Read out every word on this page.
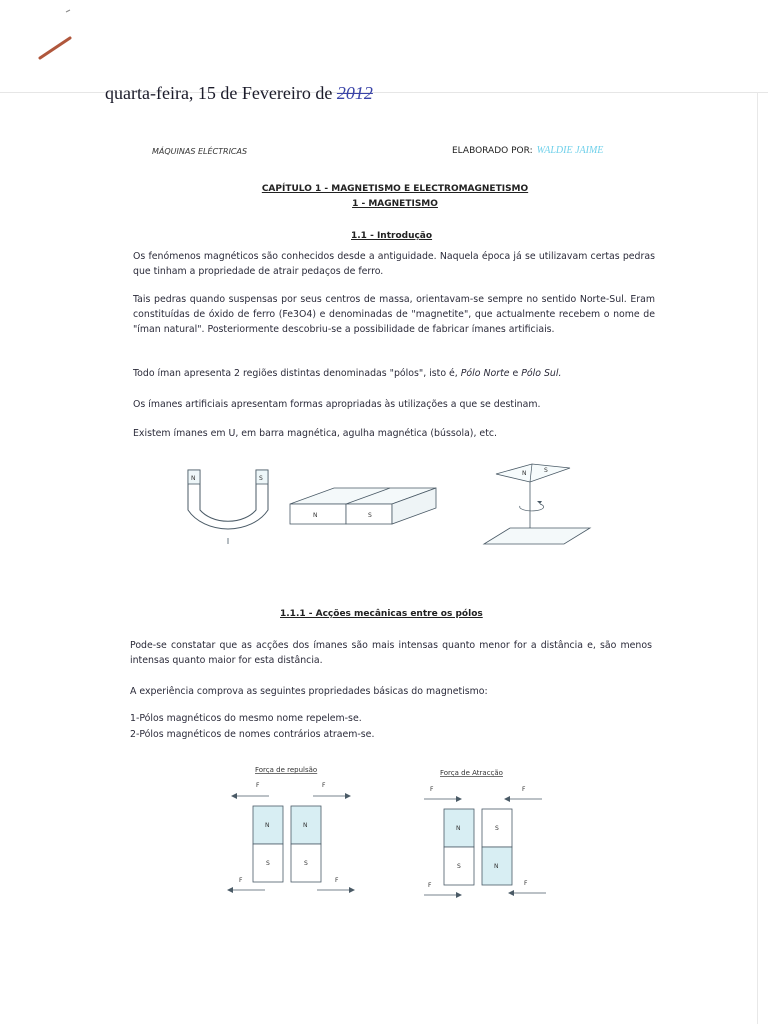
quarta-feira, 15 de Fevereiro de 2012
MÁQUINAS ELÉCTRICAS	ELABORADO POR: WALDIE JAIME
CAPÍTULO 1 - MAGNETISMO E ELECTROMAGNETISMO
1 - MAGNETISMO
1.1 - Introdução
Os fenómenos magnéticos são conhecidos desde a antiguidade. Naquela época já se utilizavam certas pedras que tinham a propriedade de atrair pedaços de ferro.
Tais pedras quando suspensas por seus centros de massa, orientavam-se sempre no sentido Norte-Sul. Eram constituídas de óxido de ferro (Fe3O4) e denominadas de "magnetite", que actualmente recebem o nome de "íman natural". Posteriormente descobriu-se a possibilidade de fabricar ímanes artificiais.
Todo íman apresenta 2 regiões distintas denominadas "pólos", isto é, Pólo Norte e Pólo Sul.
Os ímanes artificiais apresentam formas apropriadas às utilizações a que se destinam.
Existem ímanes em U, em barra magnética, agulha magnética (bússola), etc.
N	S
N	S
N	S
1.1.1 - Acções mecânicas entre os pólos
Pode-se constatar que as acções dos ímanes são mais intensas quanto menor for a distância e, são menos intensas quanto maior for esta distância.
A experiência comprova as seguintes propriedades básicas do magnetismo:
1-Pólos magnéticos do mesmo nome repelem-se.
2-Pólos magnéticos de nomes contrários atraem-se.
Força de repulsão
F	F
N
S
N
S
F	F
Força de Atracção
F	F
N
S
S
N
F	F
